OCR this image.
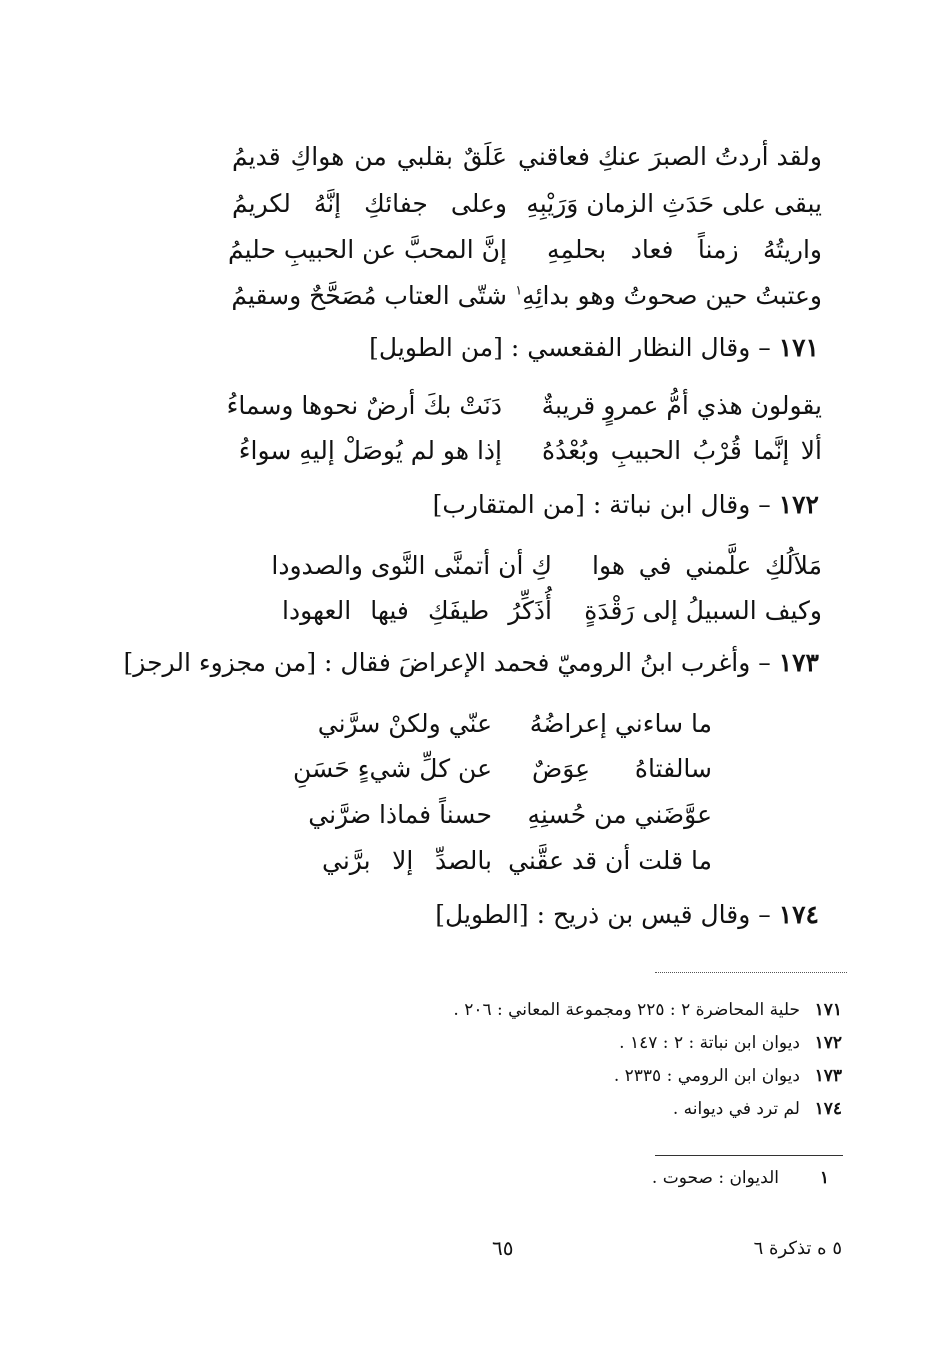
ولقد أردتُ الصبرَ عنكِ فعاقني
عَلَقٌ بقلبي من هواكِ قديمُ
يبقى على حَدَثِ الزمان وَرَيْبِهِ
وعلى جفائكِ إنَّهُ لكريمُ
واريتُهُ زمناً فعاد بحلمِهِ
إنَّ المحبَّ عن الحبيبِ حليمُ
وعتبتُ حين صحوتُ وهو بدائِهِ$^١$
شتّى العتاب مُصَحَّحٌ وسقيمُ
١٧١ – وقال النظار الفقعسي : [من الطويل]
يقولون هذي أمُّ عمروٍ قريبةٌ
دَنَتْ بكَ أرضٌ نحوها وسماءُ
ألا إنَّما قُرْبُ الحبيبِ وبُعْدُهُ
إذا هو لم يُوصَلْ إليهِ سواءُ
١٧٢ – وقال ابن نباتة : [من المتقارب]
مَلاَلُكِ علَّمني في هوا
كِ أن أتمنَّى النَّوى والصدودا
وكيف السبيلُ إلى رَقْدَةٍ
أُذَكِّرُ طيفَكِ فيها العهودا
١٧٣ – وأغرب ابنُ الروميّ فحمد الإعراضَ فقال : [من مجزوء الرجز]
ما ساءني إعراضُهُ
عنّي ولكنْ سرَّني
سالفتاهُ عِوَضٌ
عن كلِّ شيءٍ حَسَنِ
عوَّضَني من حُسنِهِ
حسناً فماذا ضرَّني
ما قلت أن قد عقَّني
بالصدِّ إلا برَّني
١٧٤ – وقال قيس بن ذريح : [الطويل]
١٧١حلية المحاضرة ٢ : ٢٢٥ ومجموعة المعاني : ٢٠٦ .
١٧٢ديوان ابن نباتة : ٢ : ١٤٧ .
١٧٣ديوان ابن الرومي : ٢٣٣٥ .
١٧٤لم ترد في ديوانه .
١الديوان : صحوت .
٦٥	٥ ه تذكرة ٦
